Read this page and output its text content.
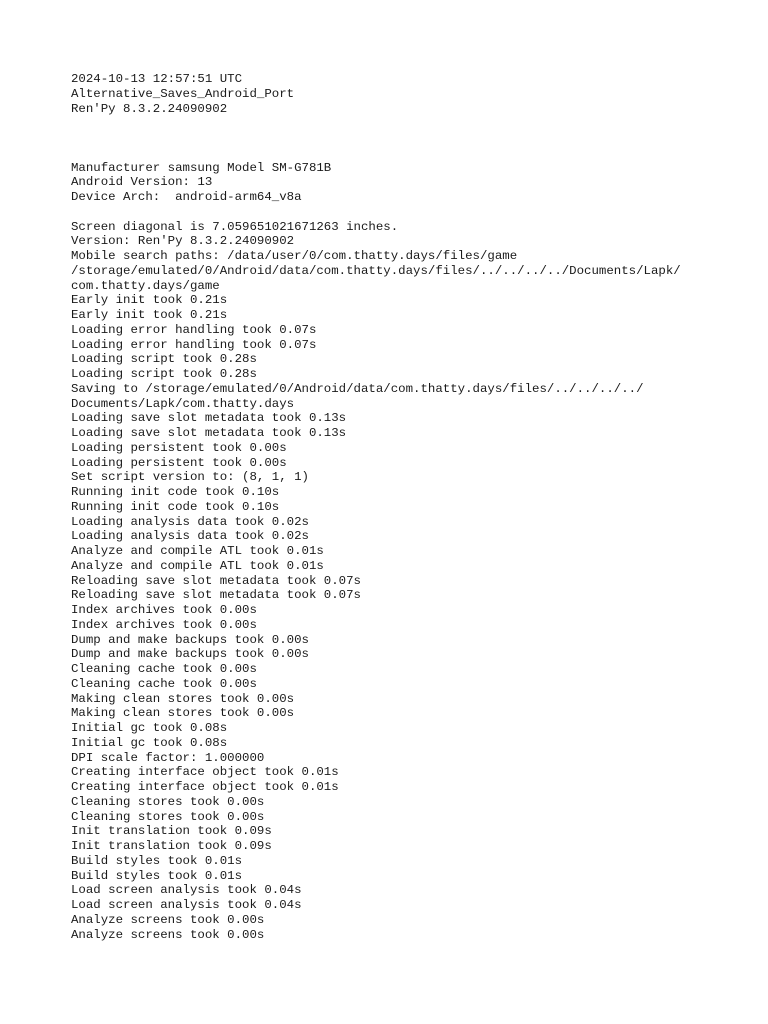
2024-10-13 12:57:51 UTC
Alternative_Saves_Android_Port
Ren'Py 8.3.2.24090902
Manufacturer samsung Model SM-G781B
Android Version: 13
Device Arch:  android-arm64_v8a
Screen diagonal is 7.059651021671263 inches.
Version: Ren'Py 8.3.2.24090902
Mobile search paths: /data/user/0/com.thatty.days/files/game
/storage/emulated/0/Android/data/com.thatty.days/files/../../../../Documents/Lapk/
com.thatty.days/game
Early init took 0.21s
Early init took 0.21s
Loading error handling took 0.07s
Loading error handling took 0.07s
Loading script took 0.28s
Loading script took 0.28s
Saving to /storage/emulated/0/Android/data/com.thatty.days/files/../../../../
Documents/Lapk/com.thatty.days
Loading save slot metadata took 0.13s
Loading save slot metadata took 0.13s
Loading persistent took 0.00s
Loading persistent took 0.00s
Set script version to: (8, 1, 1)
Running init code took 0.10s
Running init code took 0.10s
Loading analysis data took 0.02s
Loading analysis data took 0.02s
Analyze and compile ATL took 0.01s
Analyze and compile ATL took 0.01s
Reloading save slot metadata took 0.07s
Reloading save slot metadata took 0.07s
Index archives took 0.00s
Index archives took 0.00s
Dump and make backups took 0.00s
Dump and make backups took 0.00s
Cleaning cache took 0.00s
Cleaning cache took 0.00s
Making clean stores took 0.00s
Making clean stores took 0.00s
Initial gc took 0.08s
Initial gc took 0.08s
DPI scale factor: 1.000000
Creating interface object took 0.01s
Creating interface object took 0.01s
Cleaning stores took 0.00s
Cleaning stores took 0.00s
Init translation took 0.09s
Init translation took 0.09s
Build styles took 0.01s
Build styles took 0.01s
Load screen analysis took 0.04s
Load screen analysis took 0.04s
Analyze screens took 0.00s
Analyze screens took 0.00s
